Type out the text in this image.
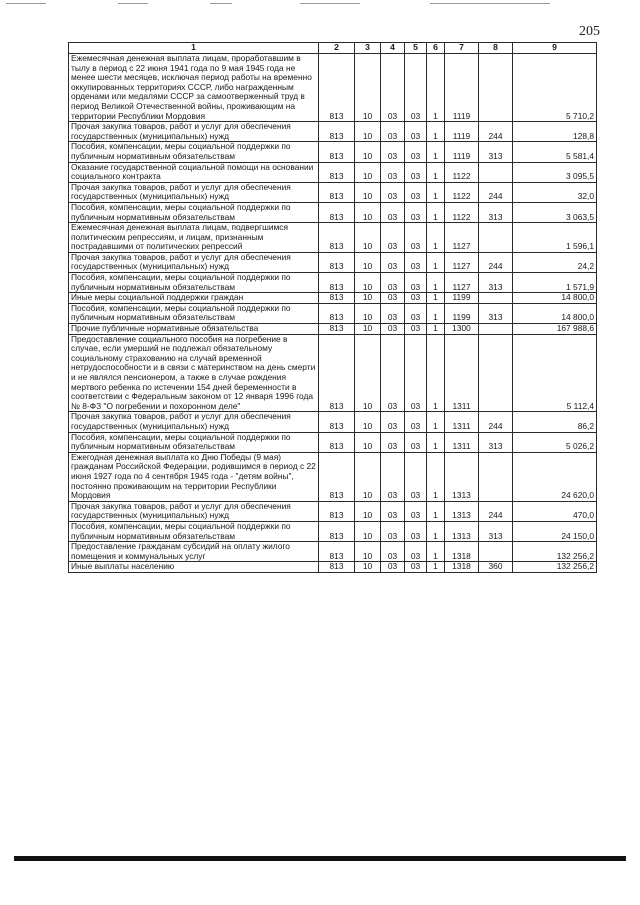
205
1	2	3	4	5	6	7	8	9
Ежемесячная денежная выплата лицам, проработавшим в тылу в период с 22 июня 1941 года по 9 мая 1945 года не менее шести месяцев, исключая период работы на временно оккупированных территориях СССР, либо награжденным орденами или медалями СССР за самоотверженный труд в период Великой Отечественной войны, проживающим на территории Республики Мордовия	813	10	03	03	1	1119		5 710,2
Прочая закупка товаров, работ и услуг для обеспечения государственных (муниципальных) нужд	813	10	03	03	1	1119	244	128,8
Пособия, компенсации, меры социальной поддержки по публичным нормативным обязательствам	813	10	03	03	1	1119	313	5 581,4
Оказание государственной социальной помощи на основании социального контракта	813	10	03	03	1	1122		3 095,5
Прочая закупка товаров, работ и услуг для обеспечения государственных (муниципальных) нужд	813	10	03	03	1	1122	244	32,0
Пособия, компенсации, меры социальной поддержки по публичным нормативным обязательствам	813	10	03	03	1	1122	313	3 063,5
Ежемесячная денежная выплата лицам, подвергшимся политическим репрессиям, и лицам, признанным пострадавшими от политических репрессий	813	10	03	03	1	1127		1 596,1
Прочая закупка товаров, работ и услуг для обеспечения государственных (муниципальных) нужд	813	10	03	03	1	1127	244	24,2
Пособия, компенсации, меры социальной поддержки по публичным нормативным обязательствам	813	10	03	03	1	1127	313	1 571,9
Иные меры социальной поддержки граждан	813	10	03	03	1	1199		14 800,0
Пособия, компенсации, меры социальной поддержки по публичным нормативным обязательствам	813	10	03	03	1	1199	313	14 800,0
Прочие публичные нормативные обязательства	813	10	03	03	1	1300		167 988,6
Предоставление социального пособия на погребение в случае, если умерший не подлежал обязательному социальному страхованию на случай временной нетрудоспособности и в связи с материнством на день смерти и не являлся пенсионером, а также в случае рождения мертвого ребенка по истечении 154 дней беременности в соответствии с Федеральным законом от 12 января 1996 года № 8-ФЗ "О погребении и похоронном деле"	813	10	03	03	1	1311		5 112,4
Прочая закупка товаров, работ и услуг для обеспечения государственных (муниципальных) нужд	813	10	03	03	1	1311	244	86,2
Пособия, компенсации, меры социальной поддержки по публичным нормативным обязательствам	813	10	03	03	1	1311	313	5 026,2
Ежегодная денежная выплата ко Дню Победы (9 мая) гражданам Российской Федерации, родившимся в период с 22 июня 1927 года по 4 сентября 1945 года - "детям войны", постоянно проживающим на территории Республики Мордовия	813	10	03	03	1	1313		24 620,0
Прочая закупка товаров, работ и услуг для обеспечения государственных (муниципальных) нужд	813	10	03	03	1	1313	244	470,0
Пособия, компенсации, меры социальной поддержки по публичным нормативным обязательствам	813	10	03	03	1	1313	313	24 150,0
Предоставление гражданам субсидий на оплату жилого помещения и коммунальных услуг	813	10	03	03	1	1318		132 256,2
Иные выплаты населению	813	10	03	03	1	1318	360	132 256,2
